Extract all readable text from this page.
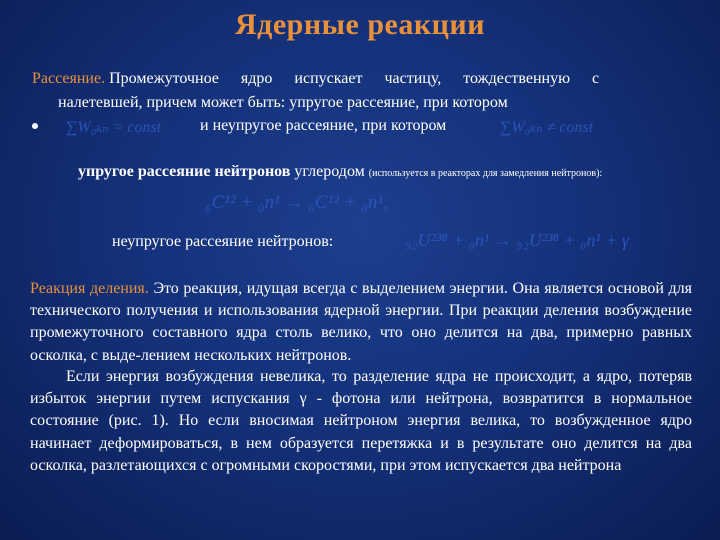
Ядерные реакции
Рассеяние. Промежуточное ядро испускает частицу, тождественную с
налетевшей, причем может быть: упругое рассеяние, при котором
∑W₀ₖₙ = const и неупругое рассеяние, при котором	∑W₀ₖₙ ≠ const
упругое рассеяние нейтронов углеродом (используется в реакторах для замедления нейтронов):
₆C¹² + ₀n¹ → ₆C¹² + ₀n¹,
неупругое рассеяние нейтронов:	₉₂U²³⁸ + ₀n¹ → ₉₂U²³⁸ + ₀n¹ + γ
Реакция деления. Это реакция, идущая всегда с выделением энергии. Она является основой для технического получения и использования ядерной энергии. При реакции деления возбуждение промежуточного составного ядра столь велико, что оно делится на два, примерно равных осколка, с выде-лением нескольких нейтронов.
Если энергия возбуждения невелика, то разделение ядра не происходит, а ядро, потеряв избыток энергии путем испускания γ - фотона или нейтрона, возвратится в нормальное состояние (рис. 1). Но если вносимая нейтроном энергия велика, то возбужденное ядро начинает деформироваться, в нем образуется перетяжка и в результате оно делится на два осколка, разлетающихся с огромными скоростями, при этом испускается два нейтрона
